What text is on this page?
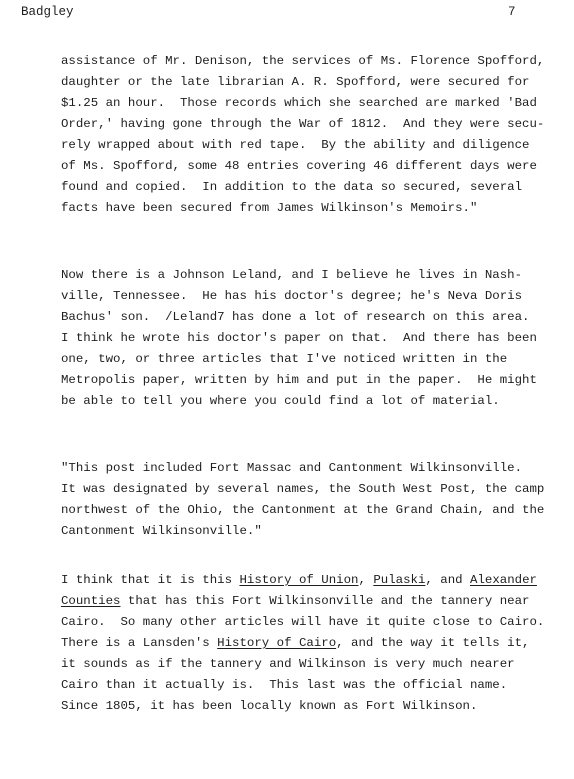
Badgley	7
assistance of Mr. Denison, the services of Ms. Florence Spofford,
daughter or the late librarian A. R. Spofford, were secured for
$1.25 an hour.  Those records which she searched are marked 'Bad
Order,' having gone through the War of 1812.  And they were secu-
rely wrapped about with red tape.  By the ability and diligence
of Ms. Spofford, some 48 entries covering 46 different days were
found and copied.  In addition to the data so secured, several
facts have been secured from James Wilkinson's Memoirs."
Now there is a Johnson Leland, and I believe he lives in Nash-
ville, Tennessee.  He has his doctor's degree; he's Neva Doris
Bachus' son.  /Leland7 has done a lot of research on this area.
I think he wrote his doctor's paper on that.  And there has been
one, two, or three articles that I've noticed written in the
Metropolis paper, written by him and put in the paper.  He might
be able to tell you where you could find a lot of material.
"This post included Fort Massac and Cantonment Wilkinsonville.
It was designated by several names, the South West Post, the camp
northwest of the Ohio, the Cantonment at the Grand Chain, and the
Cantonment Wilkinsonville."
I think that it is this History of Union, Pulaski, and Alexander
Counties that has this Fort Wilkinsonville and the tannery near
Cairo.  So many other articles will have it quite close to Cairo.
There is a Lansden's History of Cairo, and the way it tells it,
it sounds as if the tannery and Wilkinson is very much nearer
Cairo than it actually is.  This last was the official name.
Since 1805, it has been locally known as Fort Wilkinson.
